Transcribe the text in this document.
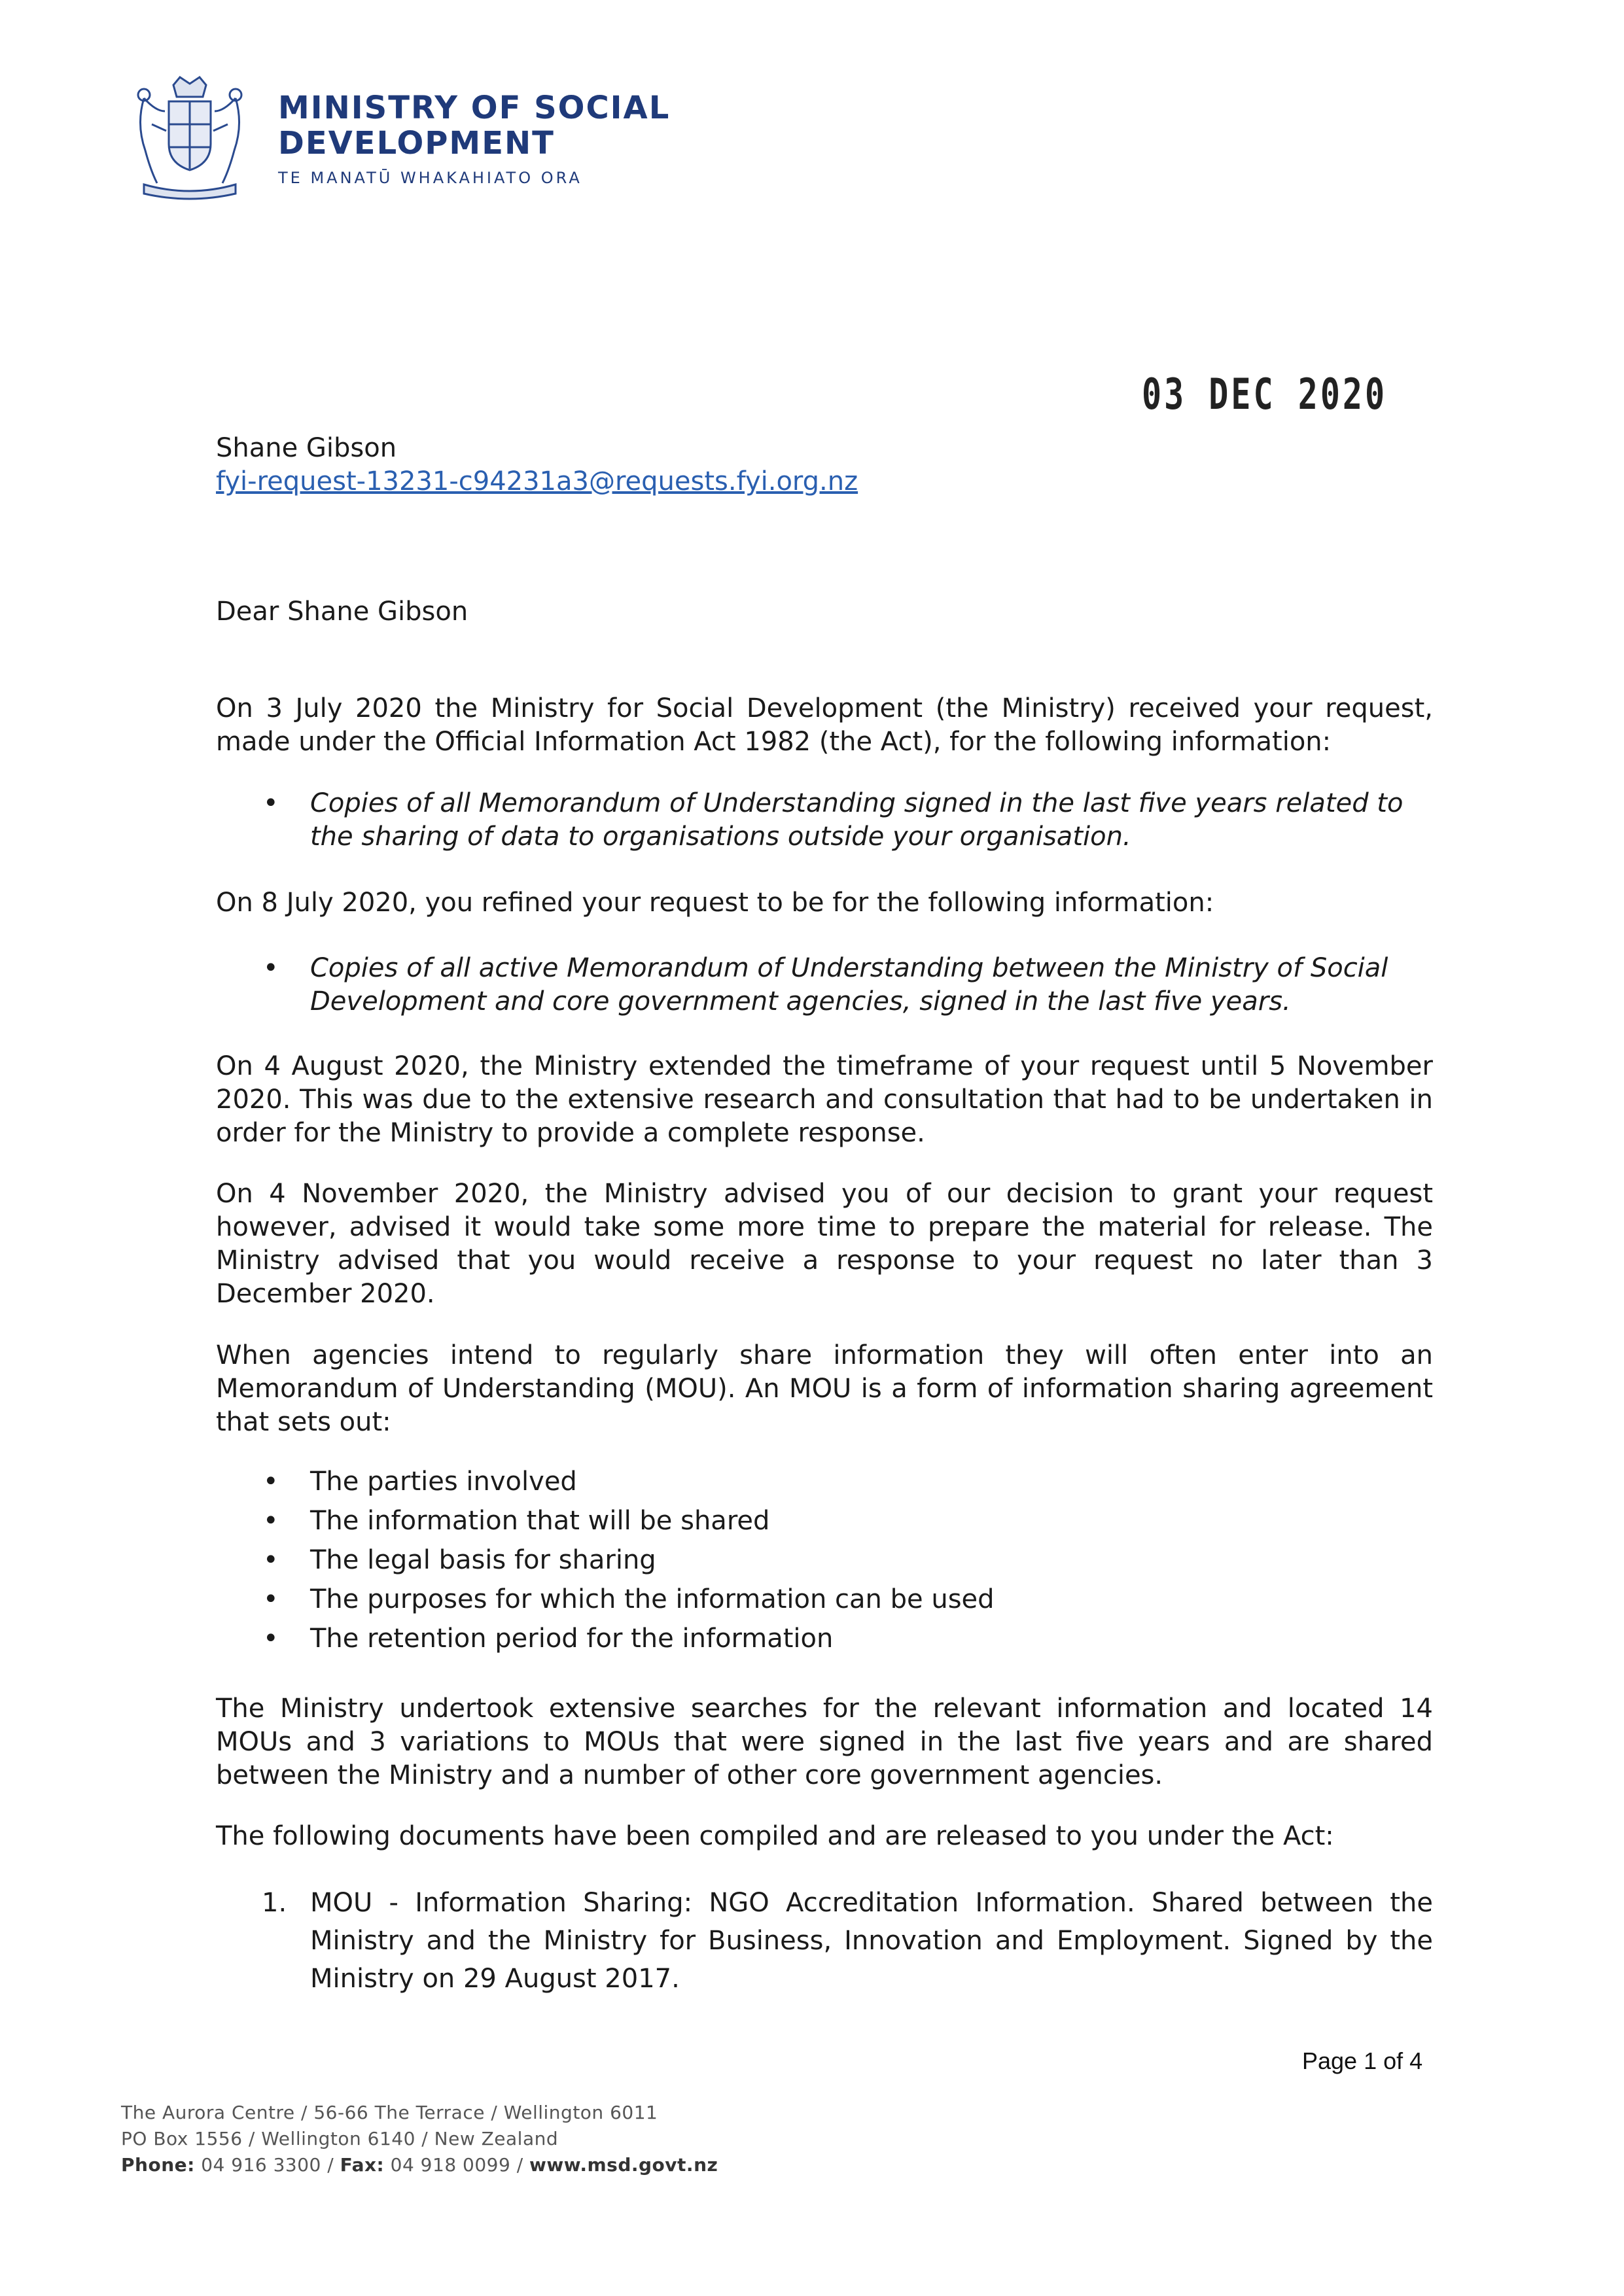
MINISTRY OF SOCIAL
DEVELOPMENT
TE MANATŪ WHAKAHIATO ORA
03 DEC 2020
Shane Gibson
fyi-request-13231-c94231a3@requests.fyi.org.nz
Dear Shane Gibson
On 3 July 2020 the Ministry for Social Development (the Ministry) received your request, made under the Official Information Act 1982 (the Act), for the following information:
• Copies of all Memorandum of Understanding signed in the last five years related to the sharing of data to organisations outside your organisation.
On 8 July 2020, you refined your request to be for the following information:
• Copies of all active Memorandum of Understanding between the Ministry of Social Development and core government agencies, signed in the last five years.
On 4 August 2020, the Ministry extended the timeframe of your request until 5 November 2020. This was due to the extensive research and consultation that had to be undertaken in order for the Ministry to provide a complete response.
On 4 November 2020, the Ministry advised you of our decision to grant your request however, advised it would take some more time to prepare the material for release. The Ministry advised that you would receive a response to your request no later than 3 December 2020.
When agencies intend to regularly share information they will often enter into an Memorandum of Understanding (MOU). An MOU is a form of information sharing agreement that sets out:
• The parties involved
• The information that will be shared
• The legal basis for sharing
• The purposes for which the information can be used
• The retention period for the information
The Ministry undertook extensive searches for the relevant information and located 14 MOUs and 3 variations to MOUs that were signed in the last five years and are shared between the Ministry and a number of other core government agencies.
The following documents have been compiled and are released to you under the Act:
1. MOU - Information Sharing: NGO Accreditation Information. Shared between the Ministry and the Ministry for Business, Innovation and Employment. Signed by the Ministry on 29 August 2017.
Page 1 of 4
The Aurora Centre / 56-66 The Terrace / Wellington 6011
PO Box 1556 / Wellington 6140 / New Zealand
Phone: 04 916 3300 / Fax: 04 918 0099 / www.msd.govt.nz
